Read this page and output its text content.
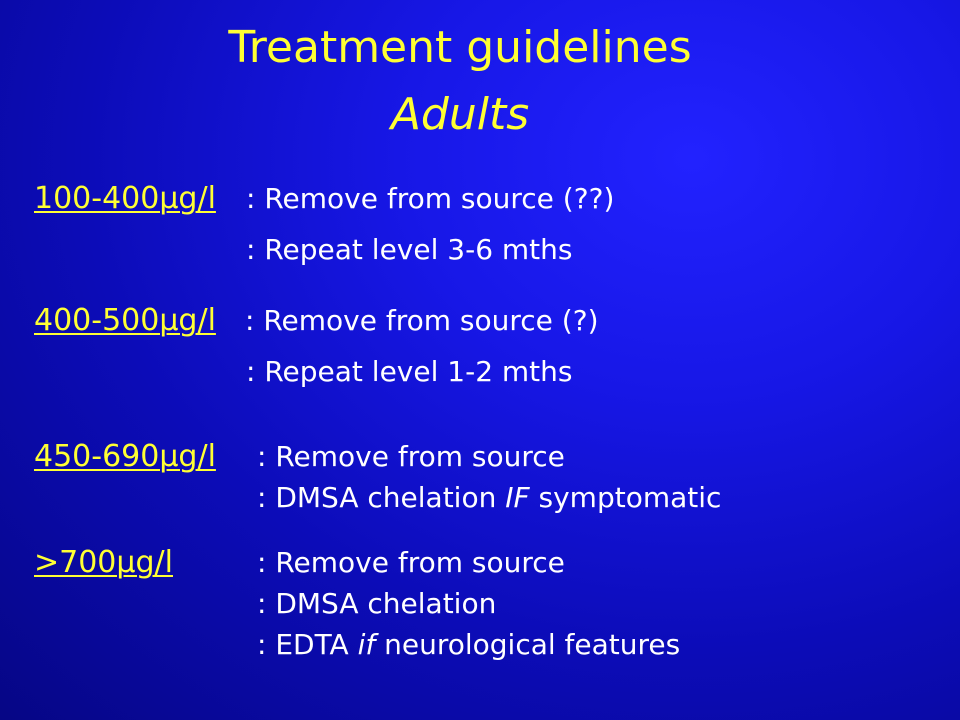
Treatment guidelines
Adults
100-400µg/l : Remove from source (??)
: Repeat level 3-6 mths
400-500µg/l : Remove from source (?)
: Repeat level 1-2 mths
450-690µg/l : Remove from source
: DMSA chelation IF symptomatic
>700µg/l	: Remove from source
: DMSA chelation
: EDTA if neurological features
